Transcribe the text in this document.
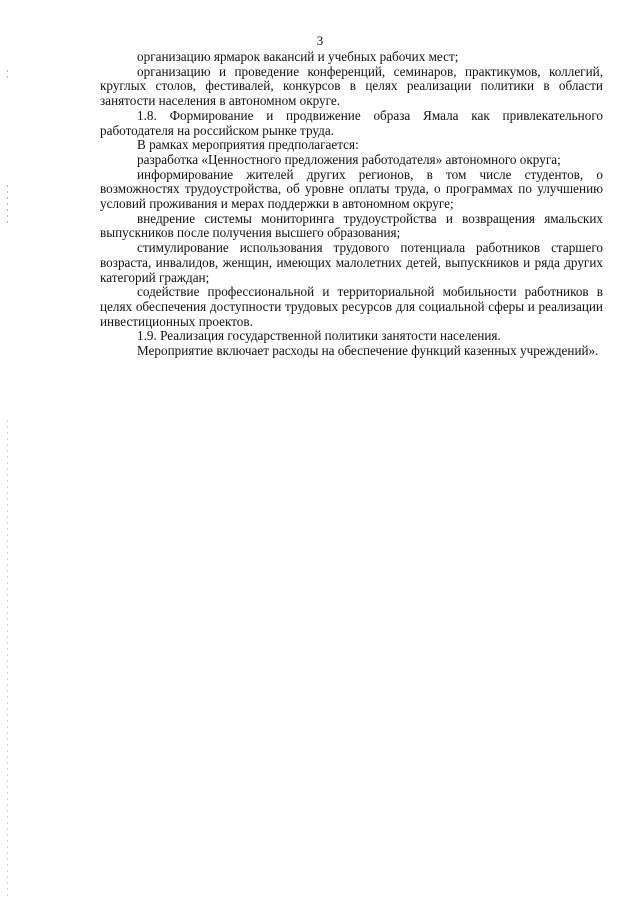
3

организацию ярмарок вакансий и учебных рабочих мест;

организацию и проведение конференций, семинаров, практикумов, коллегий, круглых столов, фестивалей, конкурсов в целях реализации политики в области занятости населения в автономном округе.

1.8. Формирование и продвижение образа Ямала как привлекательного работодателя на российском рынке труда.

В рамках мероприятия предполагается:

разработка «Ценностного предложения работодателя» автономного округа;

информирование жителей других регионов, в том числе студентов, о возможностях трудоустройства, об уровне оплаты труда, о программах по улучшению условий проживания и мерах поддержки в автономном округе;

внедрение системы мониторинга трудоустройства и возвращения ямальских выпускников после получения высшего образования;

стимулирование использования трудового потенциала работников старшего возраста, инвалидов, женщин, имеющих малолетних детей, выпускников и ряда других категорий граждан;

содействие профессиональной и территориальной мобильности работников в целях обеспечения доступности трудовых ресурсов для социальной сферы и реализации инвестиционных проектов.

1.9. Реализация государственной политики занятости населения.

Мероприятие включает расходы на обеспечение функций казенных учреждений».
